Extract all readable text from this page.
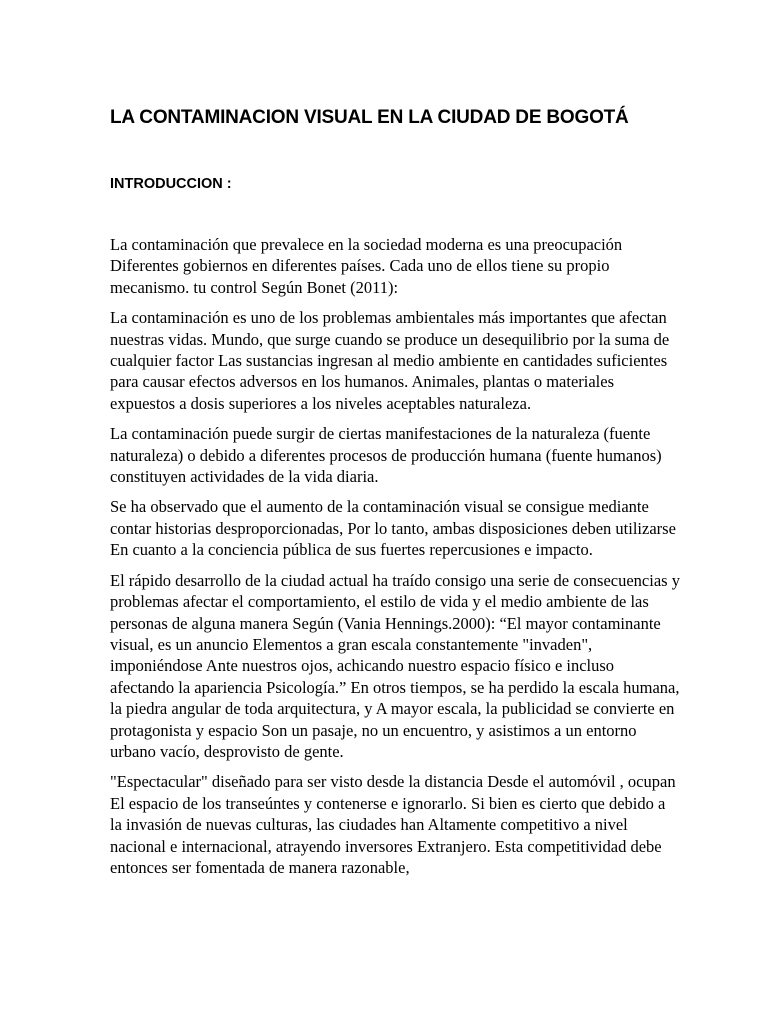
LA CONTAMINACION VISUAL EN LA CIUDAD DE BOGOTÁ
INTRODUCCION :

La contaminación que prevalece en la sociedad moderna es una preocupación Diferentes gobiernos en diferentes países. Cada uno de ellos tiene su propio mecanismo. tu control Según Bonet (2011):

La contaminación es uno de los problemas ambientales más importantes que afectan nuestras vidas. Mundo, que surge cuando se produce un desequilibrio por la suma de cualquier factor Las sustancias ingresan al medio ambiente en cantidades suficientes para causar efectos adversos en los humanos. Animales, plantas o materiales expuestos a dosis superiores a los niveles aceptables naturaleza.

La contaminación puede surgir de ciertas manifestaciones de la naturaleza (fuente naturaleza) o debido a diferentes procesos de producción humana (fuente humanos) constituyen actividades de la vida diaria.

Se ha observado que el aumento de la contaminación visual se consigue mediante contar historias desproporcionadas, Por lo tanto, ambas disposiciones deben utilizarse En cuanto a la conciencia pública de sus fuertes repercusiones e impacto.

El rápido desarrollo de la ciudad actual ha traído consigo una serie de consecuencias y problemas afectar el comportamiento, el estilo de vida y el medio ambiente de las personas de alguna manera Según (Vania Hennings.2000): “El mayor contaminante visual, es un anuncio Elementos a gran escala constantemente "invaden", imponiéndose Ante nuestros ojos, achicando nuestro espacio físico e incluso afectando la apariencia Psicología.” En otros tiempos, se ha perdido la escala humana, la piedra angular de toda arquitectura, y A mayor escala, la publicidad se convierte en protagonista y espacio Son un pasaje, no un encuentro, y asistimos a un entorno urbano vacío, desprovisto de gente.

"Espectacular" diseñado para ser visto desde la distancia Desde el automóvil , ocupan El espacio de los transeúntes y contenerse e ignorarlo. Si bien es cierto que debido a la invasión de nuevas culturas, las ciudades han Altamente competitivo a nivel nacional e internacional, atrayendo inversores Extranjero. Esta competitividad debe entonces ser fomentada de manera razonable,
